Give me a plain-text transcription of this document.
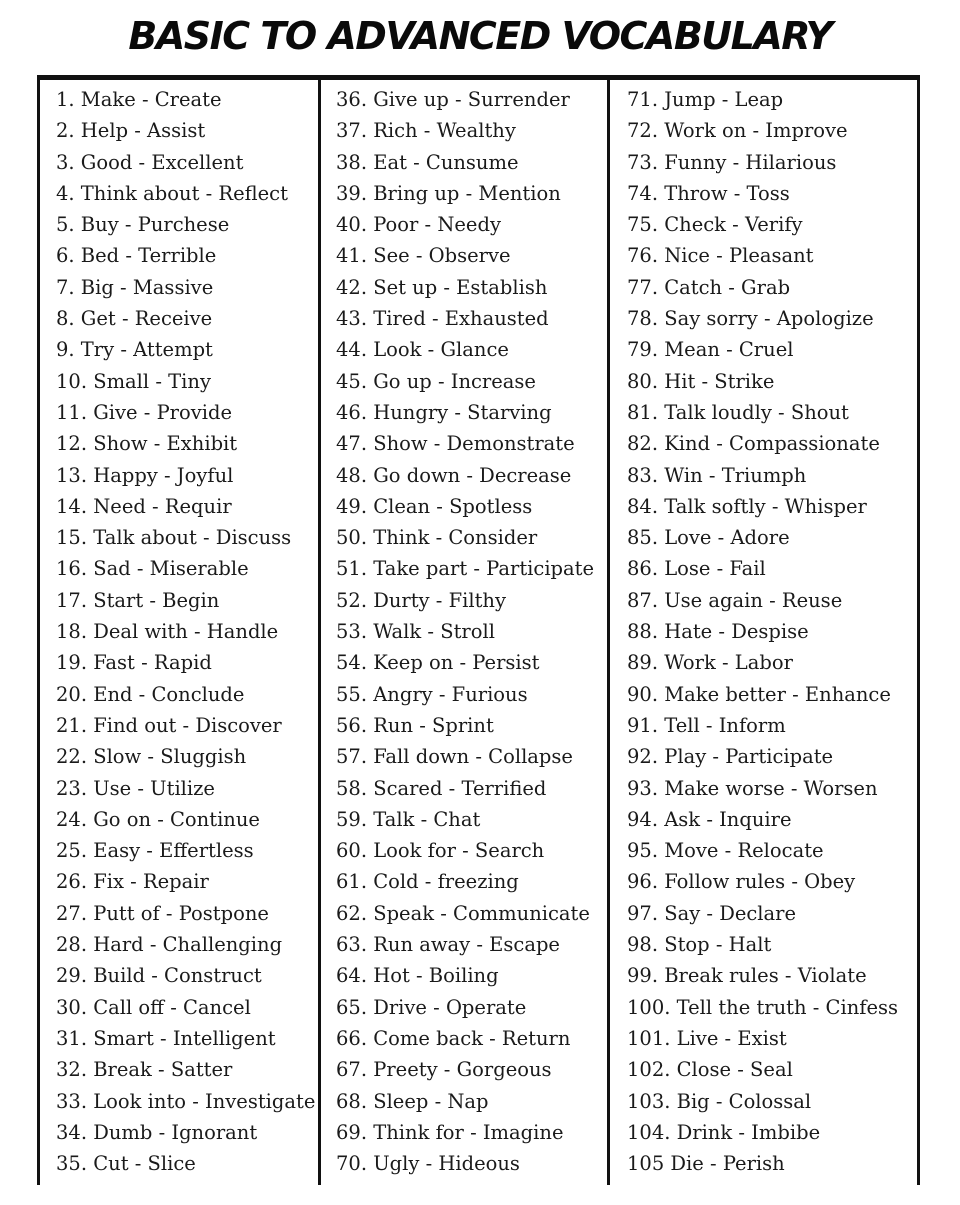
BASIC TO ADVANCED VOCABULARY
1. Make - Create
2. Help - Assist
3. Good - Excellent
4. Think about - Reflect
5. Buy - Purchese
6. Bed - Terrible
7. Big - Massive
8. Get - Receive
9. Try - Attempt
10. Small - Tiny
11. Give - Provide
12. Show - Exhibit
13. Happy - Joyful
14. Need - Requir
15. Talk about - Discuss
16. Sad - Miserable
17. Start - Begin
18. Deal with - Handle
19. Fast - Rapid
20. End - Conclude
21. Find out - Discover
22. Slow - Sluggish
23. Use - Utilize
24. Go on - Continue
25. Easy - Effertless
26. Fix - Repair
27. Putt of - Postpone
28. Hard - Challenging
29. Build - Construct
30. Call off - Cancel
31. Smart - Intelligent
32. Break - Satter
33. Look into - Investigate
34. Dumb - Ignorant
35. Cut - Slice
36. Give up - Surrender
37. Rich - Wealthy
38. Eat - Cunsume
39. Bring up - Mention
40. Poor - Needy
41. See - Observe
42. Set up - Establish
43. Tired - Exhausted
44. Look - Glance
45. Go up - Increase
46. Hungry - Starving
47. Show - Demonstrate
48. Go down - Decrease
49. Clean - Spotless
50. Think - Consider
51. Take part - Participate
52. Durty - Filthy
53. Walk - Stroll
54. Keep on - Persist
55. Angry - Furious
56. Run - Sprint
57. Fall down - Collapse
58. Scared - Terrified
59. Talk - Chat
60. Look for - Search
61. Cold - freezing
62. Speak - Communicate
63. Run away - Escape
64. Hot - Boiling
65. Drive - Operate
66. Come back - Return
67. Preety - Gorgeous
68. Sleep - Nap
69. Think for - Imagine
70. Ugly - Hideous
71. Jump - Leap
72. Work on - Improve
73. Funny - Hilarious
74. Throw - Toss
75. Check - Verify
76. Nice - Pleasant
77. Catch - Grab
78. Say sorry - Apologize
79. Mean - Cruel
80. Hit - Strike
81. Talk loudly - Shout
82. Kind - Compassionate
83. Win - Triumph
84. Talk softly - Whisper
85. Love - Adore
86. Lose - Fail
87. Use again - Reuse
88. Hate - Despise
89. Work - Labor
90. Make better - Enhance
91. Tell - Inform
92. Play - Participate
93. Make worse - Worsen
94. Ask - Inquire
95. Move - Relocate
96. Follow rules - Obey
97. Say - Declare
98. Stop - Halt
99. Break rules - Violate
100. Tell the truth - Cinfess
101. Live - Exist
102. Close - Seal
103. Big - Colossal
104. Drink - Imbibe
105 Die - Perish
